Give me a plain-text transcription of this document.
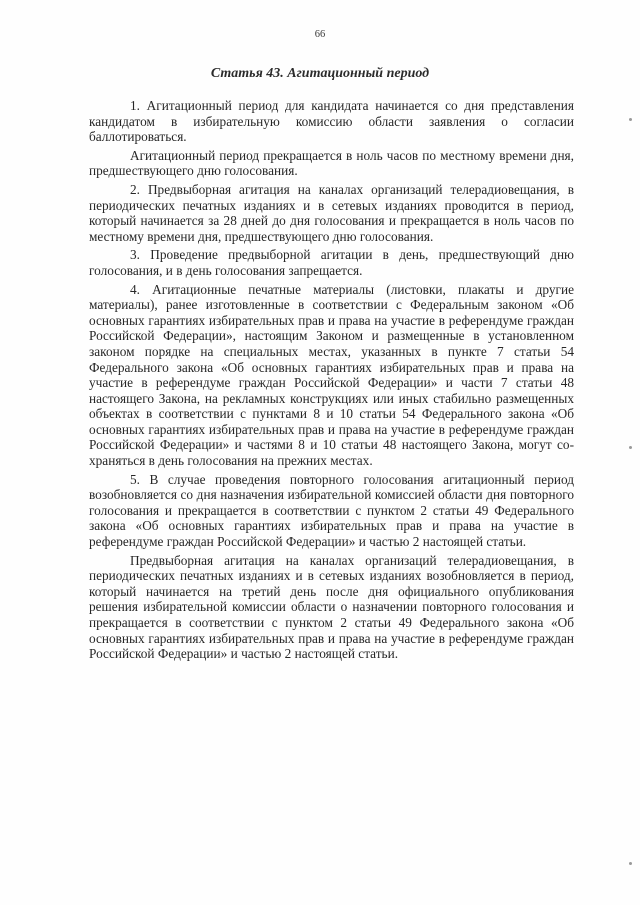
66
Статья 43. Агитационный период

1. Агитационный период для кандидата начинается со дня представления кандидатом в избирательную комиссию области заявления о согласии баллотироваться.

Агитационный период прекращается в ноль часов по местному времени дня, предшествующего дню голосования.

2. Предвыборная агитация на каналах организаций телерадиовещания, в периодических печатных изданиях и в сетевых изданиях проводится в период, который начинается за 28 дней до дня голосования и прекращается в ноль часов по местному времени дня, предшествующего дню голосования.

3. Проведение предвыборной агитации в день, предшествующий дню голосования, и в день голосования запрещается.

4. Агитационные печатные материалы (листовки, плакаты и другие материалы), ранее изготовленные в соответствии с Федеральным законом «Об основных гарантиях избирательных прав и права на участие в референдуме граждан Российской Федерации», настоящим Законом и размещенные в установленном законом порядке на специальных местах, указанных в пункте 7 статьи 54 Федерального закона «Об основных гарантиях избирательных прав и права на участие в референдуме граждан Российской Федерации» и части 7 статьи 48 настоящего Закона, на рекламных конструкциях или иных стабильно размещенных объектах в соответствии с пунктами 8 и 10 статьи 54 Федерального закона «Об основных гарантиях избирательных прав и права на участие в референдуме граждан Российской Федерации» и частями 8 и 10 статьи 48 настоящего Закона, могут сохраняться в день голосования на прежних местах.

5. В случае проведения повторного голосования агитационный период возобновляется со дня назначения избирательной комиссией области дня повторного голосования и прекращается в соответствии с пунктом 2 статьи 49 Федерального закона «Об основных гарантиях избирательных прав и права на участие в референдуме граждан Российской Федерации» и частью 2 настоящей статьи.

Предвыборная агитация на каналах организаций телерадиовещания, в периодических печатных изданиях и в сетевых изданиях возобновляется в период, который начинается на третий день после дня официального опубликования решения избирательной комиссии области о назначении повторного голосования и прекращается в соответствии с пунктом 2 статьи 49 Федерального закона «Об основных гарантиях избирательных прав и права на участие в референдуме граждан Российской Федерации» и частью 2 настоящей статьи.
